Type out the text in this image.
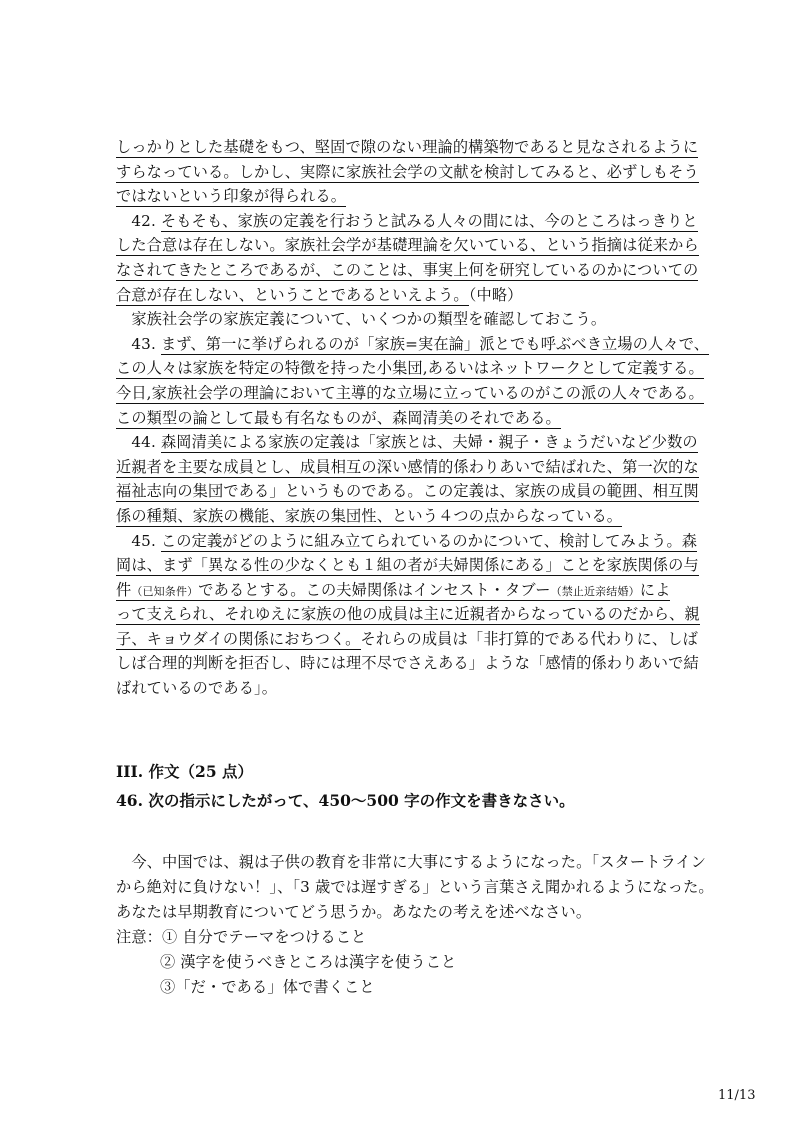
しっかりとした基礎をもつ、堅固で隙のない理論的構築物であると見なされるように
すらなっている。しかし、実際に家族社会学の文献を検討してみると、必ずしもそう
ではないという印象が得られる。
　42. そもそも、家族の定義を行おうと試みる人々の間には、今のところはっきりと
した合意は存在しない。家族社会学が基礎理論を欠いている、という指摘は従来から
なされてきたところであるが、このことは、事実上何を研究しているのかについての
合意が存在しない、ということであるといえよう。（中略）
　家族社会学の家族定義について、いくつかの類型を確認しておこう。
　43. まず、第一に挙げられるのが「家族=実在論」派とでも呼ぶべき立場の人々で、
この人々は家族を特定の特徴を持った小集団,あるいはネットワークとして定義する。
今日,家族社会学の理論において主導的な立場に立っているのがこの派の人々である。
この類型の論として最も有名なものが、森岡清美のそれである。
　44. 森岡清美による家族の定義は「家族とは、夫婦・親子・きょうだいなど少数の
近親者を主要な成員とし、成員相互の深い感情的係わりあいで結ばれた、第一次的な
福祉志向の集団である」というものである。この定義は、家族の成員の範囲、相互関
係の種類、家族の機能、家族の集団性、という４つの点からなっている。
　45. この定義がどのように組み立てられているのかについて、検討してみよう。森
岡は、まず「異なる性の少なくとも１組の者が夫婦関係にある」ことを家族関係の与
件（已知条件）であるとする。この夫婦関係はインセスト・タブー（禁止近亲结婚）によ
って支えられ、それゆえに家族の他の成員は主に近親者からなっているのだから、親
子、キョウダイの関係におちつく。それらの成員は「非打算的である代わりに、しば
しば合理的判断を拒否し、時には理不尽でさえある」ような「感情的係わりあいで結
ばれているのである」。
III. 作文（25 点）
46. 次の指示にしたがって、450～500 字の作文を書きなさい。
　今、中国では、親は子供の教育を非常に大事にするようになった。「スタートライン
から絶対に負けない！」、「3 歳では遅すぎる」という言葉さえ聞かれるようになった。
あなたは早期教育についてどう思うか。あなたの考えを述べなさい。
注意：① 自分でテーマをつけること
② 漢字を使うべきところは漢字を使うこと
③「だ・である」体で書くこと
11/13
